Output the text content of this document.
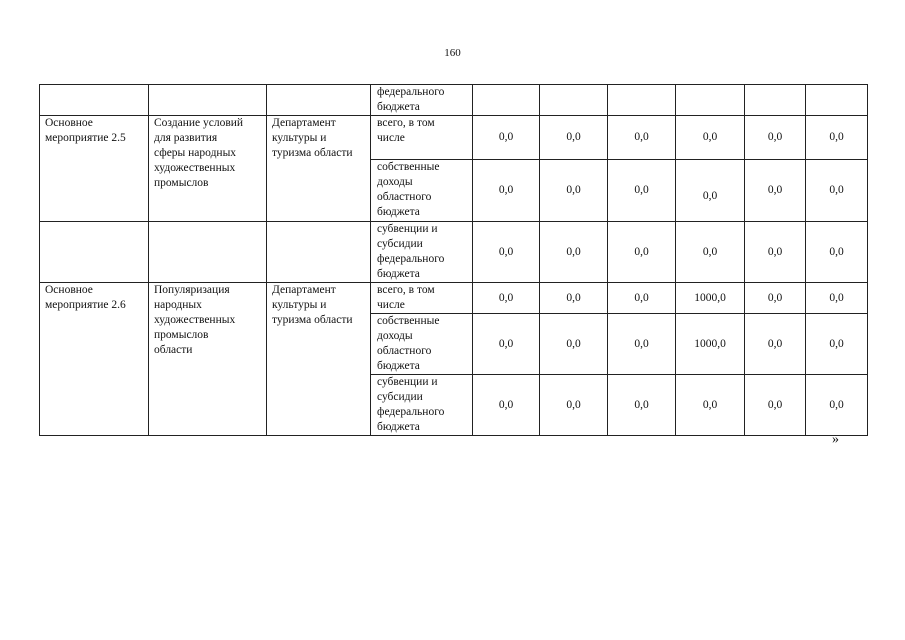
160

			федерального
бюджета						

Основное
мероприятие 2.5	Создание условий
для развития
сферы народных
художественных
промыслов	Департамент
культуры и
туризма области	всего, в том
числе	0,0	0,0	0,0	0,0	0,0	0,0

			собственные
доходы
областного
бюджета	0,0	0,0	0,0	0,0	0,0	0,0

			субвенции и
субсидии
федерального
бюджета	0,0	0,0	0,0	0,0	0,0	0,0

Основное
мероприятие 2.6	Популяризация
народных
художественных
промыслов
области	Департамент
культуры и
туризма области	всего, в том
числе	0,0	0,0	0,0	1000,0	0,0	0,0

			собственные
доходы
областного
бюджета	0,0	0,0	0,0	1000,0	0,0	0,0

			субвенции и
субсидии
федерального
бюджета	0,0	0,0	0,0	0,0	0,0	0,0
»
